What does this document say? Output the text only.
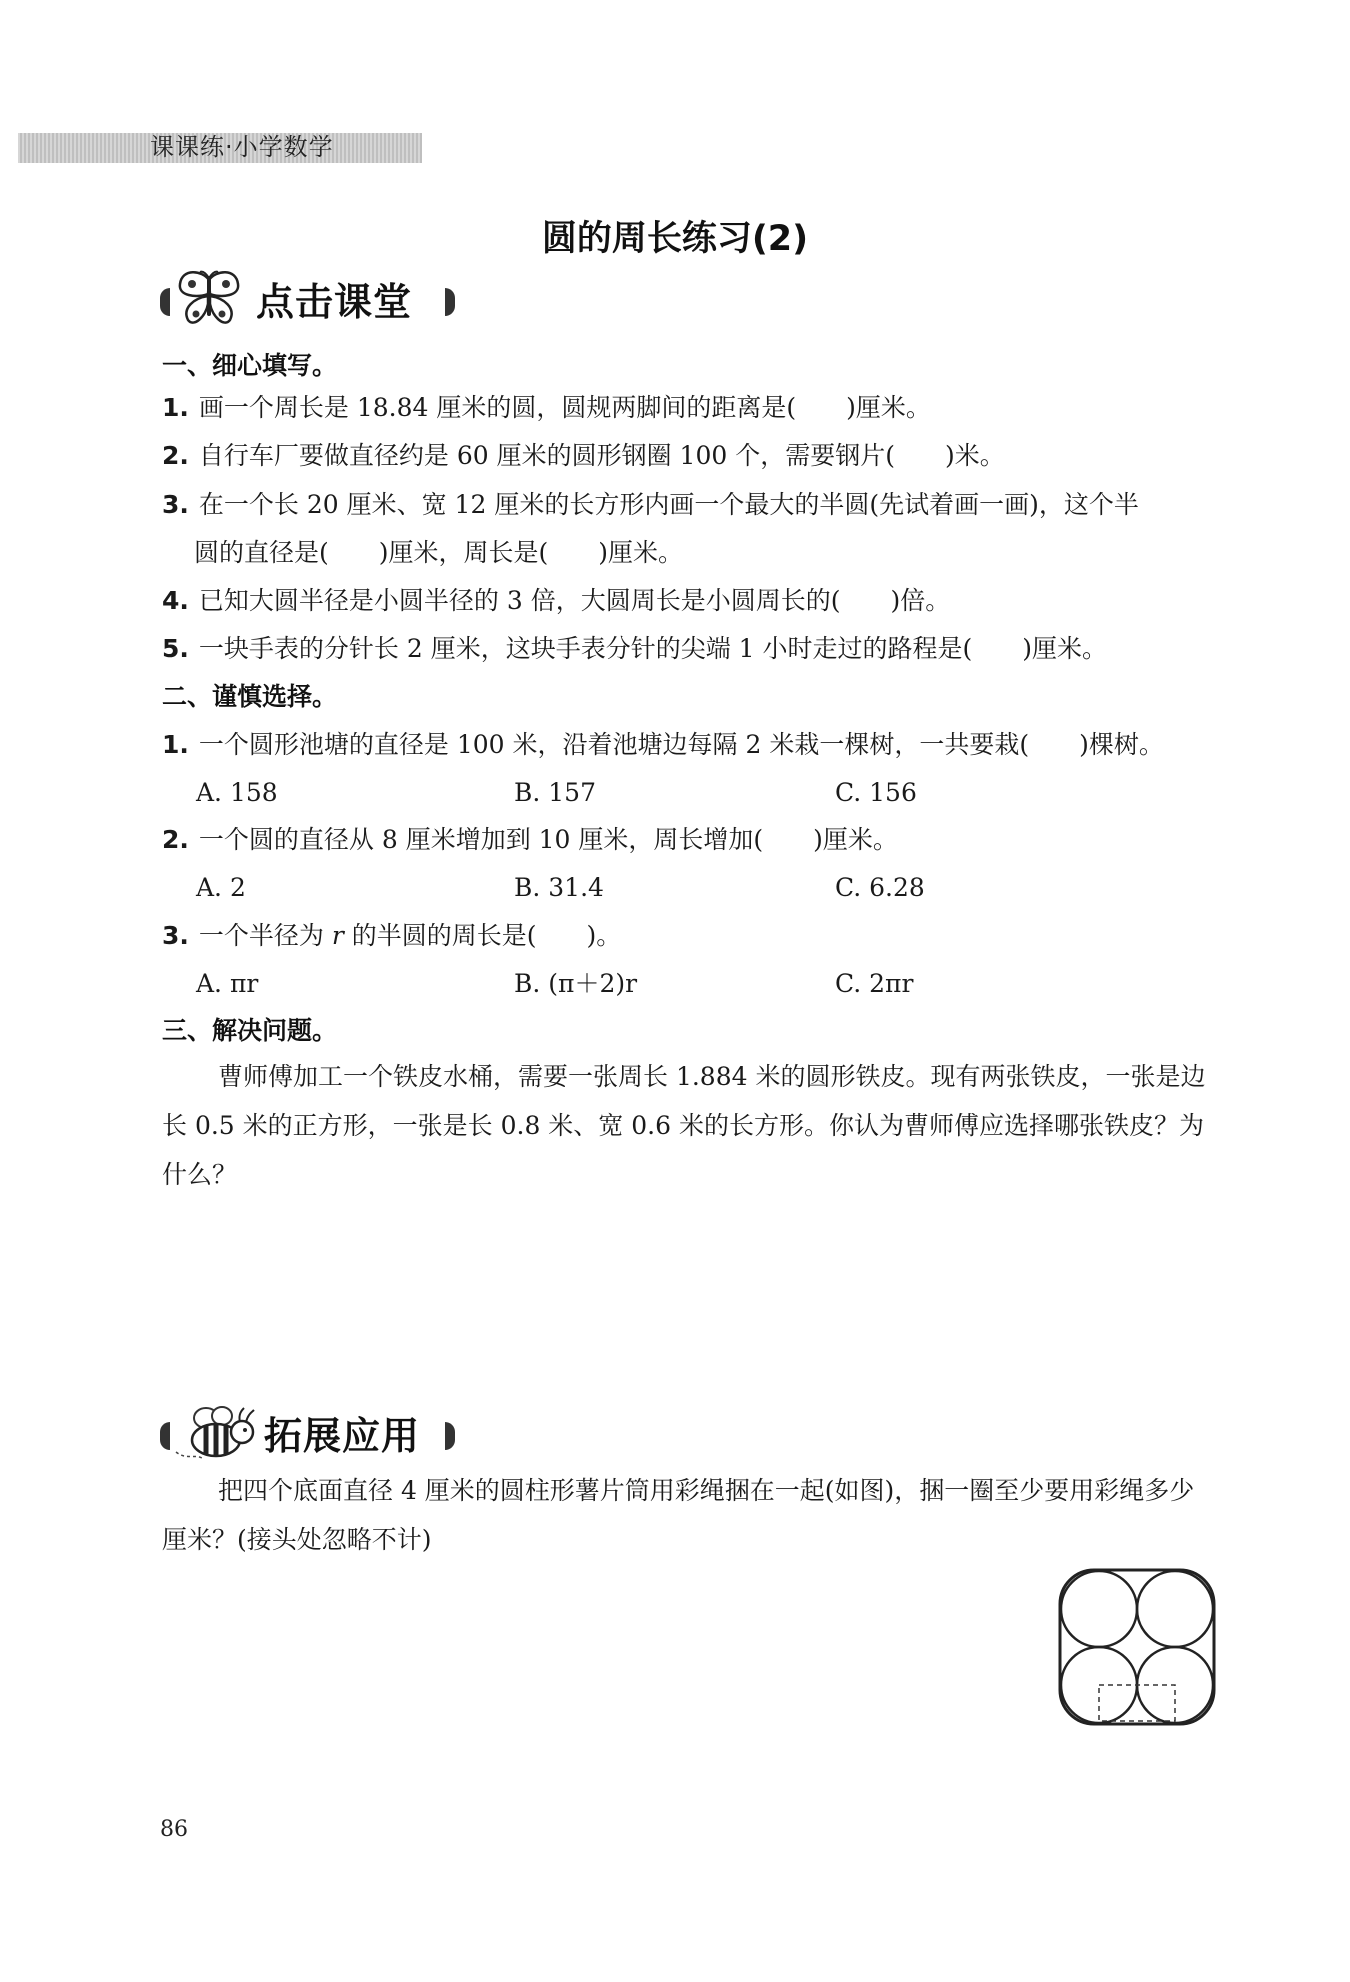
课课练·小学数学
圆的周长练习(2)
点击课堂
一、细心填写。
1. 画一个周长是 18.84 厘米的圆，圆规两脚间的距离是(　　)厘米。
2. 自行车厂要做直径约是 60 厘米的圆形钢圈 100 个，需要钢片(　　)米。
3. 在一个长 20 厘米、宽 12 厘米的长方形内画一个最大的半圆(先试着画一画)，这个半
圆的直径是(　　)厘米，周长是(　　)厘米。
4. 已知大圆半径是小圆半径的 3 倍，大圆周长是小圆周长的(　　)倍。
5. 一块手表的分针长 2 厘米，这块手表分针的尖端 1 小时走过的路程是(　　)厘米。
二、谨慎选择。
1. 一个圆形池塘的直径是 100 米，沿着池塘边每隔 2 米栽一棵树，一共要栽(　　)棵树。
A. 158	B. 157	C. 156
2. 一个圆的直径从 8 厘米增加到 10 厘米，周长增加(　　)厘米。
A. 2	B. 31.4	C. 6.28
3. 一个半径为 r 的半圆的周长是(　　)。
A. πr	B. (π＋2)r	C. 2πr
三、解决问题。
曹师傅加工一个铁皮水桶，需要一张周长 1.884 米的圆形铁皮。现有两张铁皮，一张是边长 0.5 米的正方形，一张是长 0.8 米、宽 0.6 米的长方形。你认为曹师傅应选择哪张铁皮？为什么？
拓展应用
把四个底面直径 4 厘米的圆柱形薯片筒用彩绳捆在一起(如图)，捆一圈至少要用彩绳多少厘米？(接头处忽略不计)
86
